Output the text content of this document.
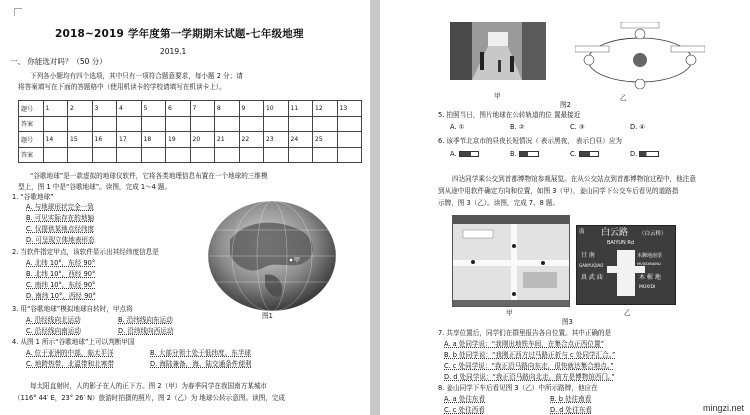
2018~2019 学年度第一学期期末试题-七年级地理
2019.1
一、 你能选对吗？（50 分）
下列各小题均有四个选项，其中只有一项符合题意要求，每小题 2 分；请
将答案填写在下面的答题格中（使用机读卡的学校请填写在机读卡上）。
题号	1	2	3	4	5	6	7	8	9	10	11	12	13
答案													
题号	14	15	16	17	18	19	20	21	22	23	24	25	
答案													
“谷歌地球”是一款虚拟的地球仪软件，它将各类地理信息布置在一个地球的三维模
型上，图 1 中是“谷歌地球”。读图，完成 1～4 题。
1. “谷歌地球”
A. 与地球形状完全一致
B. 可见实际存在的地轴
C. 仅提供某地点经纬度
D. 可呈现立体地表形态
2. 当软件指定甲点，该软件显示出其经纬度信息是
A. 北纬 10°，东经 90°
B. 北纬 10°，西经 90°
C. 南纬 10°，东经 90°
D. 南纬 10°，西经 90°
3. 用“谷歌地球”模拟地球自转时，甲点将
A. 沿经线向北运动	B. 沿纬线向东运动
C. 沿经线向南运动	D. 沿纬线向西运动
甲
图1
4. 从图 1 所示“谷歌地球”上可以判断甲国
A. 位于亚洲的中部，临太平洋	B. 大部分领土处于低纬度、东半球
C. 地跨热带、北温带和北寒带	D. 海陆兼备，海、陆交通条件便利
每太阳直射时，人的影子在人的正下方。图 2（甲）为春季同学在我国南方某城市
（116° 44′ E，23° 26′ N）旅游时拍摄的照片，图 2（乙）为 地球公转示意图。读图，完成
甲
图2
乙
5. 拍照当日，图片地球在公转轨道的位 置最接近
A. ①	B. ②	C. ③	D. ④
6. 该季节北京市的昼夜长短情况（ 表示黑夜， 表示白昼）应为
A.	B.	C.	D.
四达同学乘公交到首都博物馆参观展览。在从公交站点到首都博物馆过程中，他注意
到从途中用软件确定方向和位置，如图 3（甲），姜山同学下公交车后看见的道路指
示牌，图 3（乙）。读图，完成 7、8 题。
白云路 （白云桥）
BAIYUN Rd
南
甘 南
GANYUQIAO
真 武 庙
木樨地南里
MUXIDINANLI
木 樨 地
MUXIDI
甲	乙
图3
7. 共享位置后，同学们在群里报告各自位置。其中正确的是
A. a 处同学说：“我刚出地铁车间，在集合点正西位置”
B. b 处同学说：“我刚正西方过马路正折与 c 处同学汇合。”
C. c 处同学说：“我正沿马路向东走，很快就达集合地点。”
D. d 处同学说：“我正沿马路向北走，前方是博物馆西门。”
8. 姜山同学下车后看见图 3（乙）中所示路牌，他应在
A. a 处往东看	B. b 处往南看
C. c 处往西看	D. d 处往东看	mingzi.net
